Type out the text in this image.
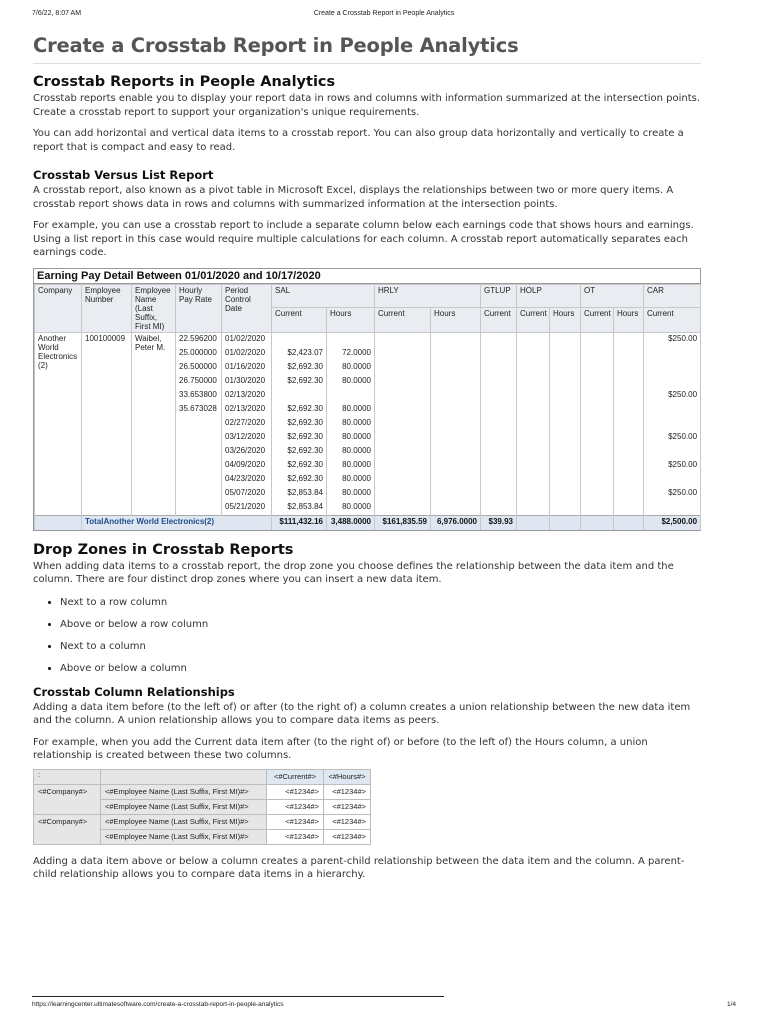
7/6/22, 8:07 AM	Create a Crosstab Report in People Analytics
Create a Crosstab Report in People Analytics
Crosstab Reports in People Analytics

Crosstab reports enable you to display your report data in rows and columns with information summarized at the intersection points. Create a crosstab report to support your organization's unique requirements.

You can add horizontal and vertical data items to a crosstab report. You can also group data horizontally and vertically to create a report that is compact and easy to read.

Crosstab Versus List Report

A crosstab report, also known as a pivot table in Microsoft Excel, displays the relationships between two or more query items. A crosstab report shows data in rows and columns with summarized information at the intersection points.

For example, you can use a crosstab report to include a separate column below each earnings code that shows hours and earnings. Using a list report in this case would require multiple calculations for each column. A crosstab report automatically separates each earnings code.

Earning Pay Detail Between 01/01/2020 and 10/17/2020
Company	Employee Number	Employee Name (Last Suffix, First MI)	Hourly Pay Rate	Period Control Date	SAL		HRLY		GTLUP	HOLP		OT		CAR
					Current	Hours	Current	Hours	Current	Current	Hours	Current	Hours	Current
Another World Electronics (2)	100100009	Waibel, Peter M.	22.596200	01/02/2020										$250.00
			25.000000	01/02/2020	$2,423.07	72.0000								
			26.500000	01/16/2020	$2,692.30	80.0000								
			26.750000	01/30/2020	$2,692.30	80.0000								
			33.653800	02/13/2020										$250.00
			35.673028	02/13/2020	$2,692.30	80.0000								
				02/27/2020	$2,692.30	80.0000								
				03/12/2020	$2,692.30	80.0000								$250.00
				03/26/2020	$2,692.30	80.0000								
				04/09/2020	$2,692.30	80.0000								$250.00
				04/23/2020	$2,692.30	80.0000								
				05/07/2020	$2,853.84	80.0000								$250.00
				05/21/2020	$2,853.84	80.0000								
	TotalAnother World Electronics(2)				$111,432.16	3,488.0000	$161,835.59	6,976.0000	$39.93					$2,500.00
Drop Zones in Crosstab Reports

When adding data items to a crosstab report, the drop zone you choose defines the relationship between the data item and the column. There are four distinct drop zones where you can insert a new data item.

• Next to a row column
• Above or below a row column
• Next to a column
• Above or below a column
Crosstab Column Relationships

Adding a data item before (to the left of) or after (to the right of) a column creates a union relationship between the new data item and the column. A union relationship allows you to compare data items as peers.

For example, when you add the Current data item after (to the right of) or before (to the left of) the Hours column, a union relationship is created between these two columns.

:		<#Current#>	<#Hours#>
<#Company#>	<#Employee Name (Last Suffix, First MI)#>	<#1234#>	<#1234#>
	<#Employee Name (Last Suffix, First MI)#>	<#1234#>	<#1234#>
<#Company#>	<#Employee Name (Last Suffix, First MI)#>	<#1234#>	<#1234#>
	<#Employee Name (Last Suffix, First MI)#>	<#1234#>	<#1234#>

Adding a data item above or below a column creates a parent-child relationship between the data item and the column. A parent-child relationship allows you to compare data items in a hierarchy.

https://learningcenter.ultimatesoftware.com/create-a-crosstab-report-in-people-analytics	1/4
